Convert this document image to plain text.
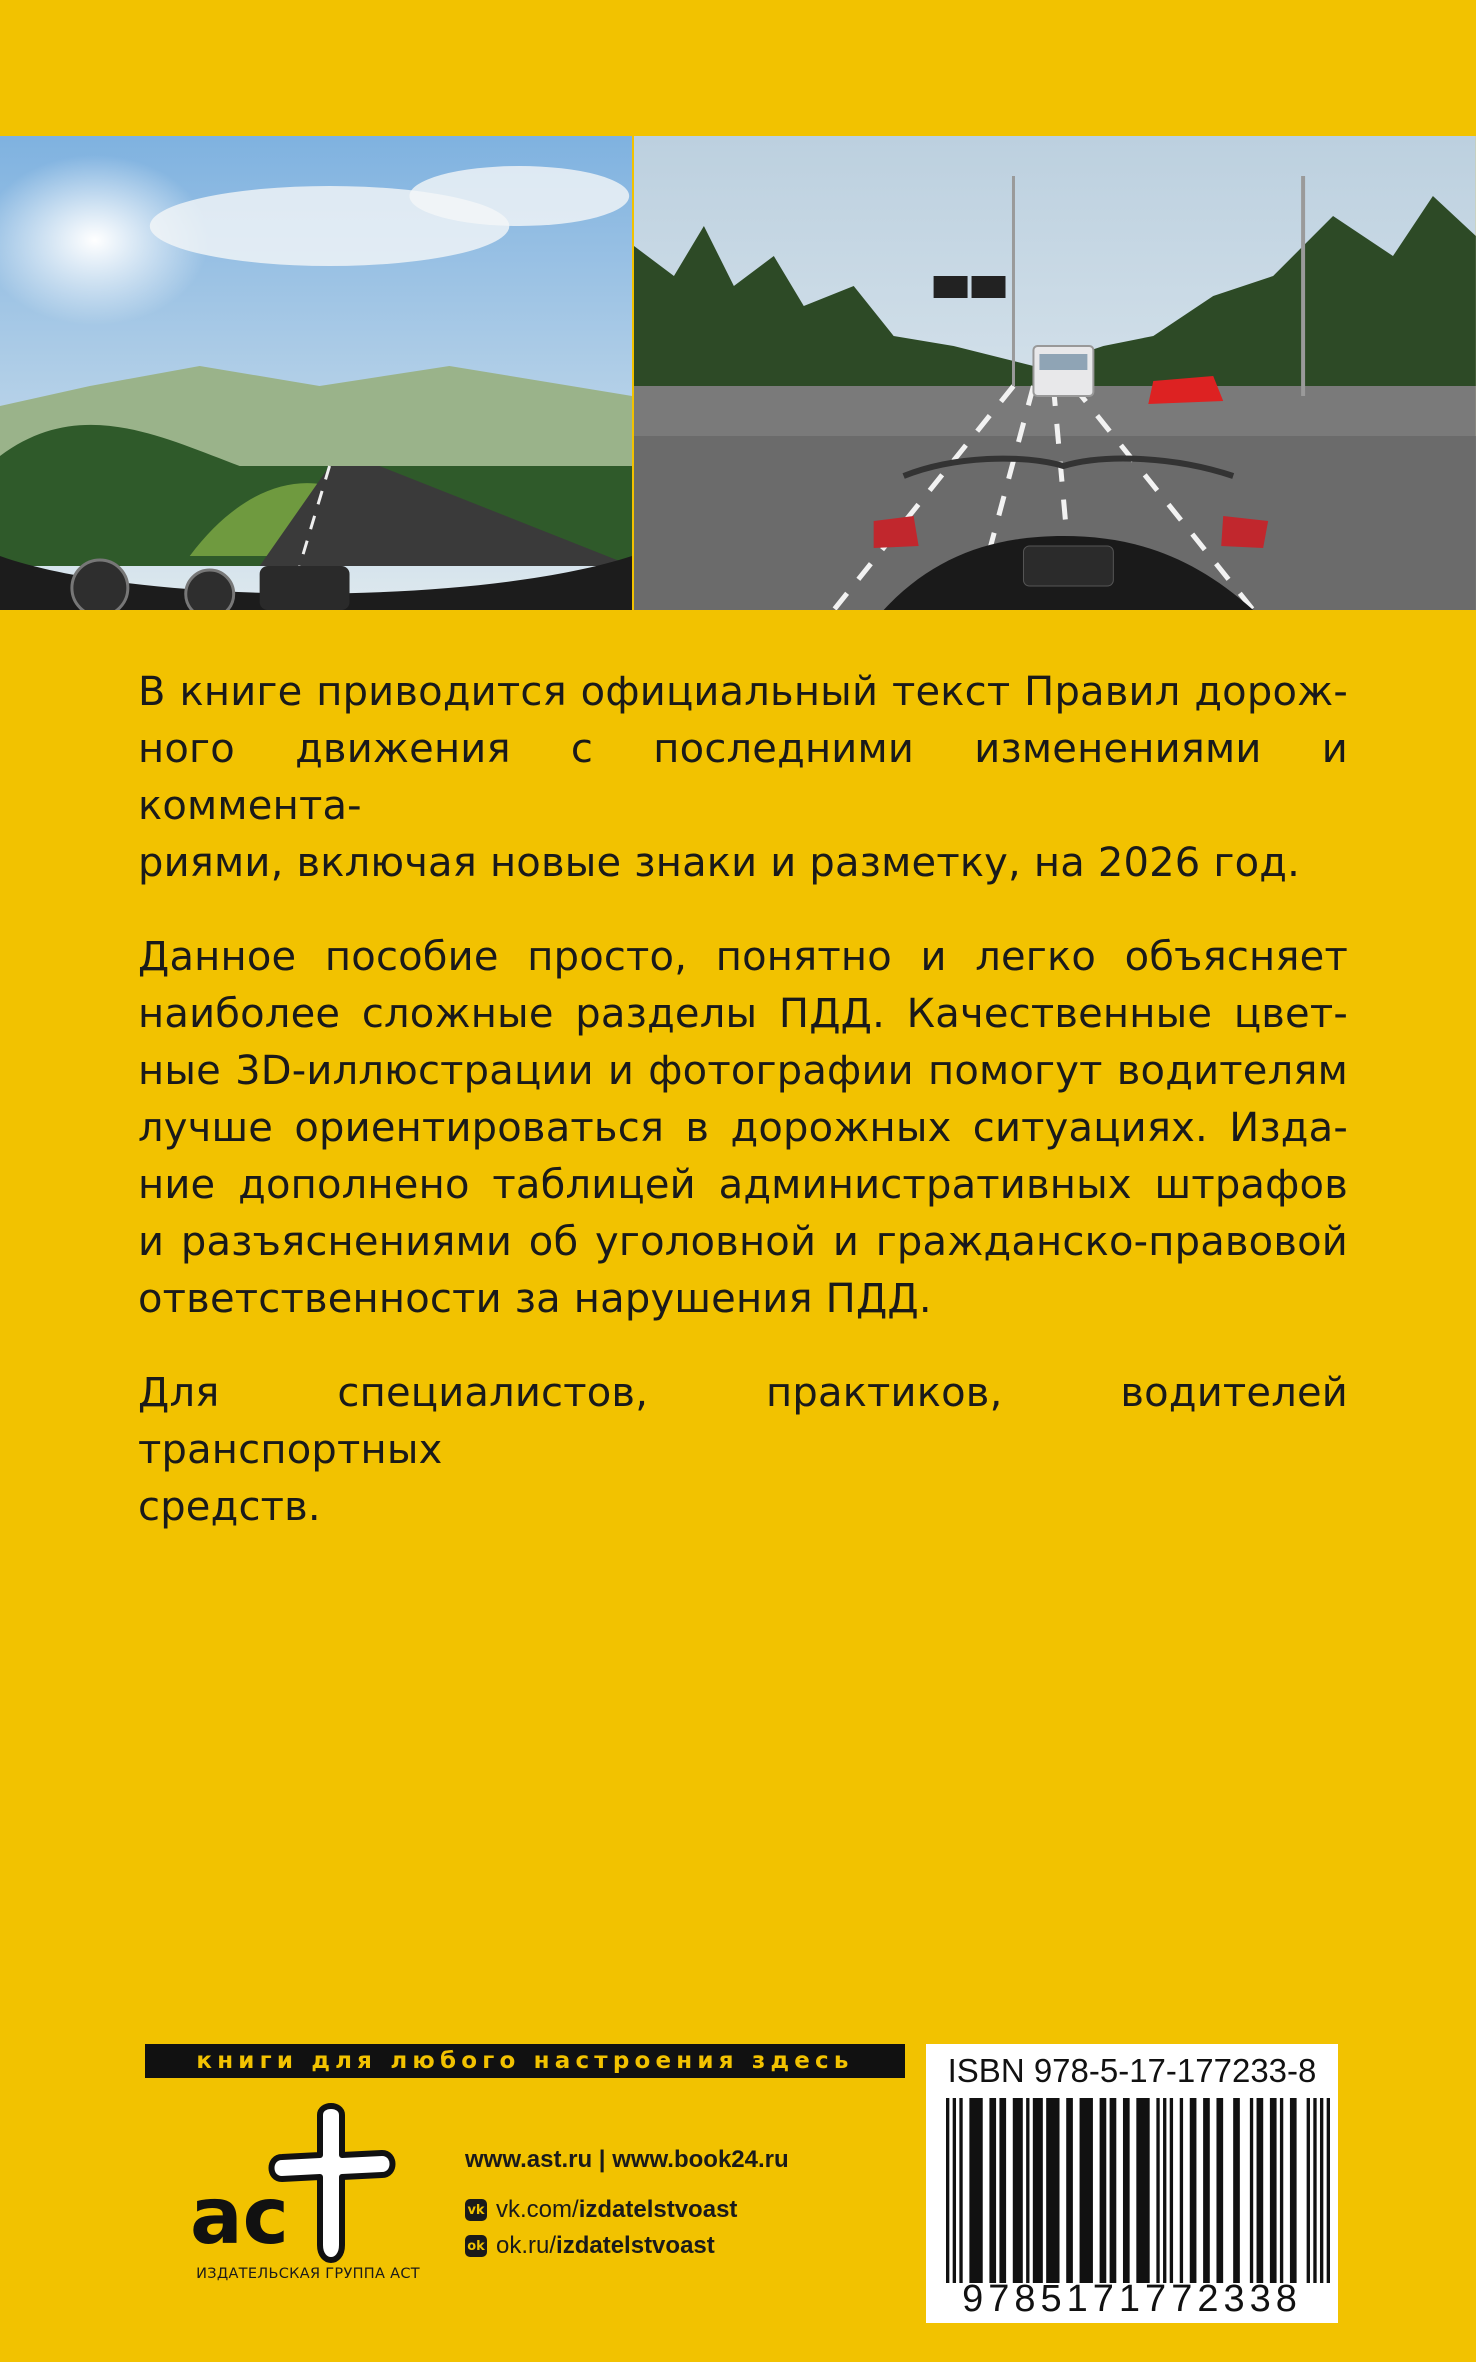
В книге приводится официальный текст Правил дорож-
ного движения с последними изменениями и коммента-
риями, включая новые знаки и разметку, на 2026 год.

Данное пособие просто, понятно и легко объясняет
наиболее сложные разделы ПДД. Качественные цвет-
ные 3D-иллюстрации и фотографии помогут водителям
лучше ориентироваться в дорожных ситуациях. Изда-
ние дополнено таблицей административных штрафов
и разъяснениями об уголовной и гражданско-правовой
ответственности за нарушения ПДД.

Для специалистов, практиков, водителей транспортных
средств.

книги для любого настроения здесь
ac
ИЗДАТЕЛЬСКАЯ ГРУППА АСТ
www.ast.ru | www.book24.ru
vk vk.com/ izdatelstvoast
ok ok.ru/ izdatelstvoast
ISBN 978-5-17-177233-8
9785171772338
